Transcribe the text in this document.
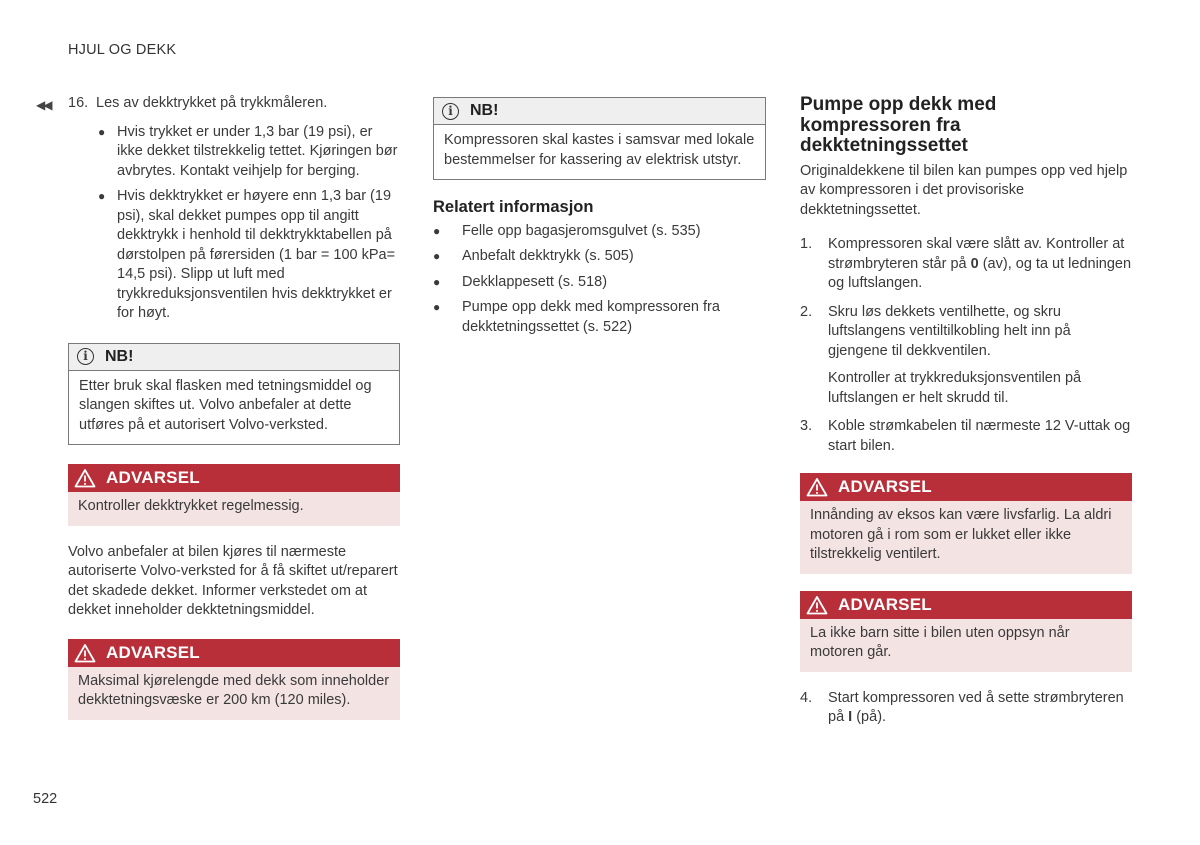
HJUL OG DEKK
◀◀ 16. Les av dekktrykket på trykkmåleren.
● Hvis trykket er under 1,3 bar (19 psi), er ikke dekket tilstrekkelig tettet. Kjøringen bør avbrytes. Kontakt veihjelp for berging.
● Hvis dekktrykket er høyere enn 1,3 bar (19 psi), skal dekket pumpes opp til angitt dekktrykk i henhold til dekktrykktabellen på dørstolpen på førersiden (1 bar = 100 kPa= 14,5 psi). Slipp ut luft med trykkreduksjonsventilen hvis dekktrykket er for høyt.
i	NB!
Etter bruk skal flasken med tetningsmiddel og slangen skiftes ut. Volvo anbefaler at dette utføres på et autorisert Volvo-verksted.
ADVARSEL
Kontroller dekktrykket regelmessig.
Volvo anbefaler at bilen kjøres til nærmeste autoriserte Volvo-verksted for å få skiftet ut/reparert det skadede dekket. Informer verkstedet om at dekket inneholder dekktetningsmiddel.
ADVARSEL
Maksimal kjørelengde med dekk som inneholder dekktetningsvæske er 200 km (120 miles).
i	NB!
Kompressoren skal kastes i samsvar med lokale bestemmelser for kassering av elektrisk utstyr.
Relatert informasjon
● Felle opp bagasjeromsgulvet (s. 535)
● Anbefalt dekktrykk (s. 505)
● Dekklappesett (s. 518)
● Pumpe opp dekk med kompressoren fra dekktetningssettet (s. 522)
Pumpe opp dekk med kompressoren fra dekktetningssettet
Originaldekkene til bilen kan pumpes opp ved hjelp av kompressoren i det provisoriske dekktetningssettet.
1. Kompressoren skal være slått av. Kontroller at strømbryteren står på 0 (av), og ta ut ledningen og luftslangen.
2. Skru løs dekkets ventilhette, og skru luftslangens ventiltilkobling helt inn på gjengene til dekkventilen.
Kontroller at trykkreduksjonsventilen på luftslangen er helt skrudd til.
3. Koble strømkabelen til nærmeste 12 V-uttak og start bilen.
ADVARSEL
Innånding av eksos kan være livsfarlig. La aldri motoren gå i rom som er lukket eller ikke tilstrekkelig ventilert.
ADVARSEL
La ikke barn sitte i bilen uten oppsyn når motoren går.
4. Start kompressoren ved å sette strømbryteren på I (på).
522
